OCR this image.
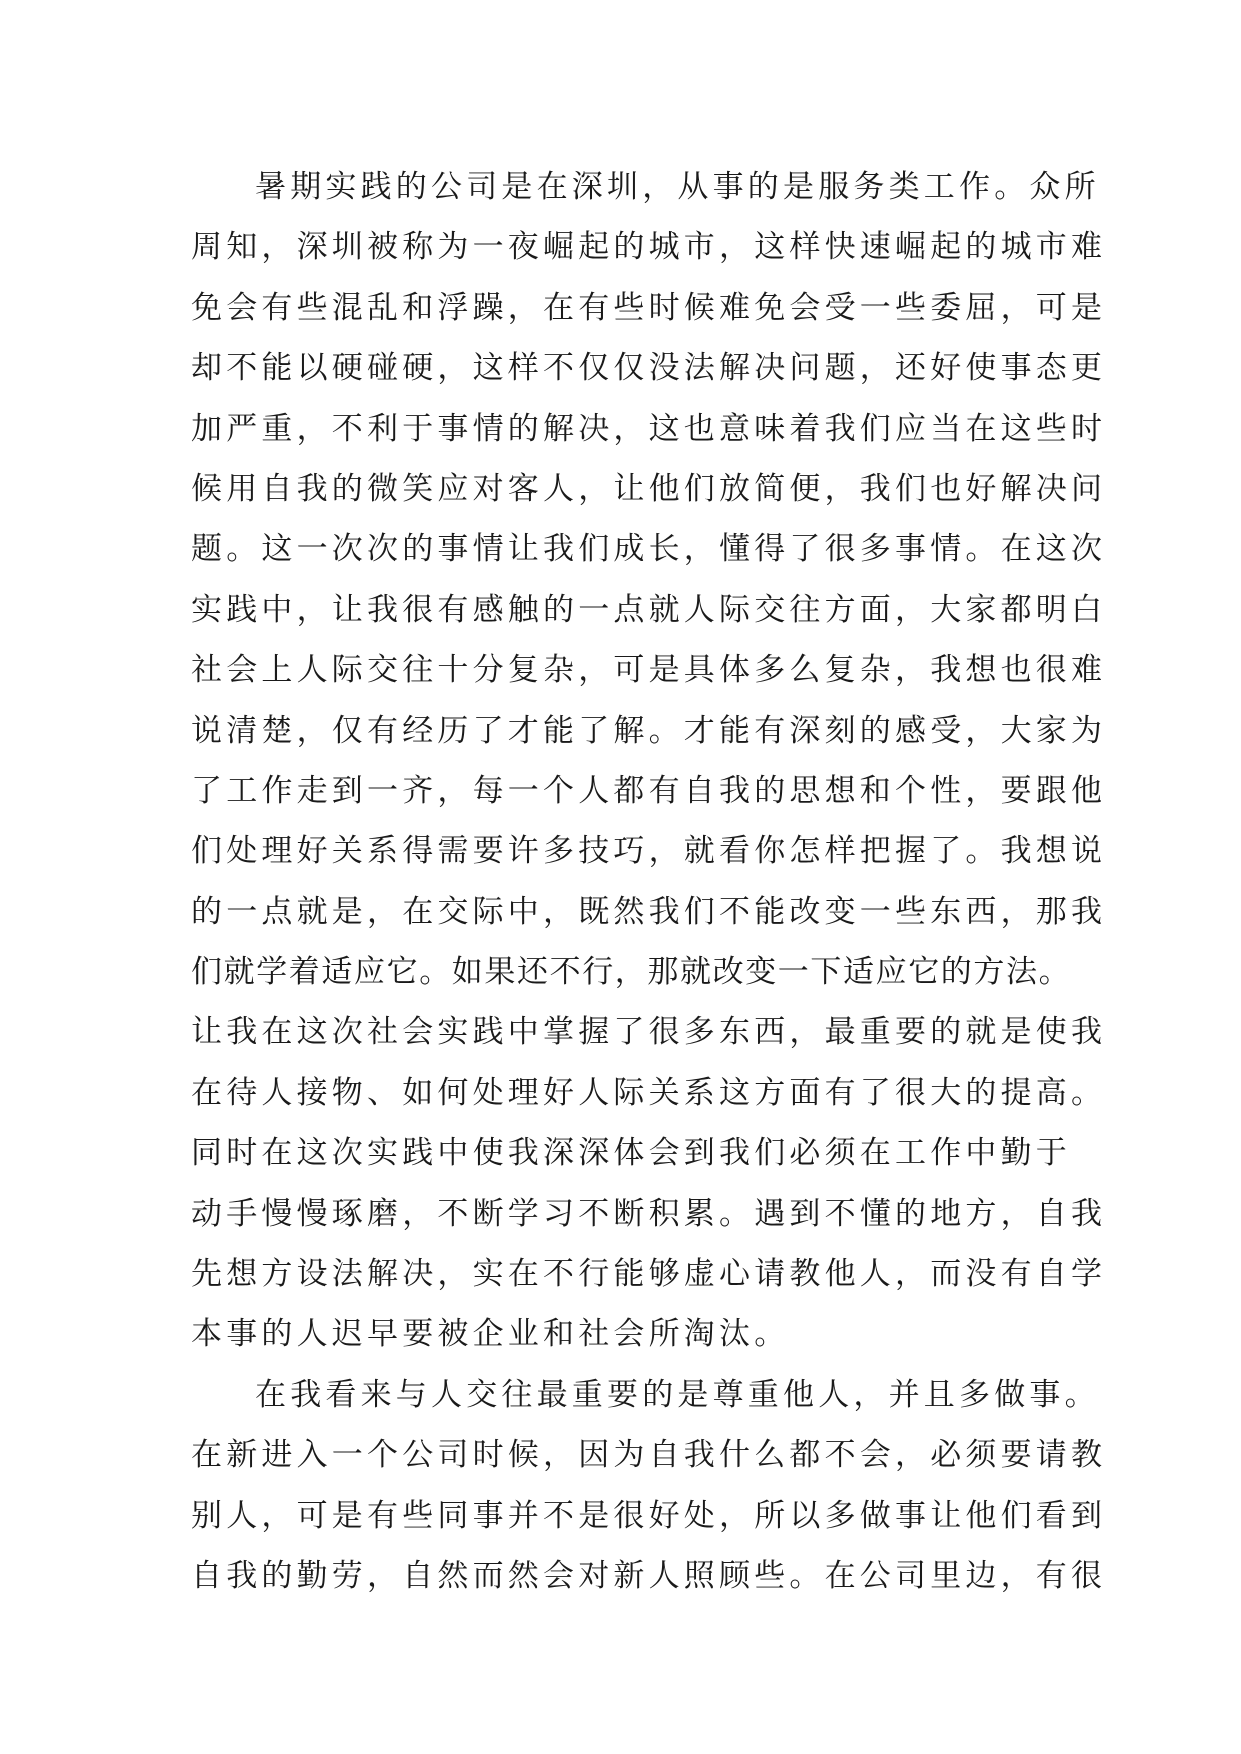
暑期实践的公司是在深圳，从事的是服务类工作。众所
周知，深圳被称为一夜崛起的城市，这样快速崛起的城市难
免会有些混乱和浮躁，在有些时候难免会受一些委屈，可是
却不能以硬碰硬，这样不仅仅没法解决问题，还好使事态更
加严重，不利于事情的解决，这也意味着我们应当在这些时
候用自我的微笑应对客人，让他们放简便，我们也好解决问
题。这一次次的事情让我们成长，懂得了很多事情。在这次
实践中，让我很有感触的一点就人际交往方面，大家都明白
社会上人际交往十分复杂，可是具体多么复杂，我想也很难
说清楚，仅有经历了才能了解。才能有深刻的感受，大家为
了工作走到一齐，每一个人都有自我的思想和个性，要跟他
们处理好关系得需要许多技巧，就看你怎样把握了。我想说
的一点就是，在交际中，既然我们不能改变一些东西，那我
们就学着适应它。如果还不行，那就改变一下适应它的方法。
让我在这次社会实践中掌握了很多东西，最重要的就是使我
在待人接物、如何处理好人际关系这方面有了很大的提高。
同时在这次实践中使我深深体会到我们必须在工作中勤于
动手慢慢琢磨，不断学习不断积累。遇到不懂的地方，自我
先想方设法解决，实在不行能够虚心请教他人，而没有自学
本事的人迟早要被企业和社会所淘汰。
在我看来与人交往最重要的是尊重他人，并且多做事。
在新进入一个公司时候，因为自我什么都不会，必须要请教
别人，可是有些同事并不是很好处，所以多做事让他们看到
自我的勤劳，自然而然会对新人照顾些。在公司里边，有很
